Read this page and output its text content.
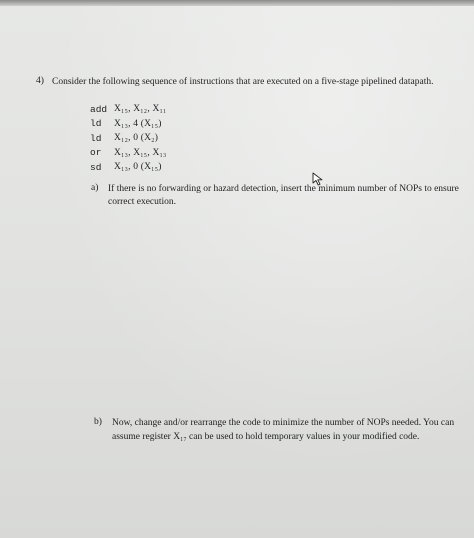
4) Consider the following sequence of instructions that are executed on a five-stage pipelined datapath.
add X₁₅, X₁₂, X₁₁
ld	X₁₃, 4 (X₁₅)
ld	X₁₂, 0 (X₂)
or	X₁₃, X₁₅, X₁₃
sd	X₁₃, 0 (X₁₅)
a) If there is no forwarding or hazard detection, insert the minimum number of NOPs to ensure correct execution.
b) Now, change and/or rearrange the code to minimize the number of NOPs needed. You can assume register X₁₇ can be used to hold temporary values in your modified code.
